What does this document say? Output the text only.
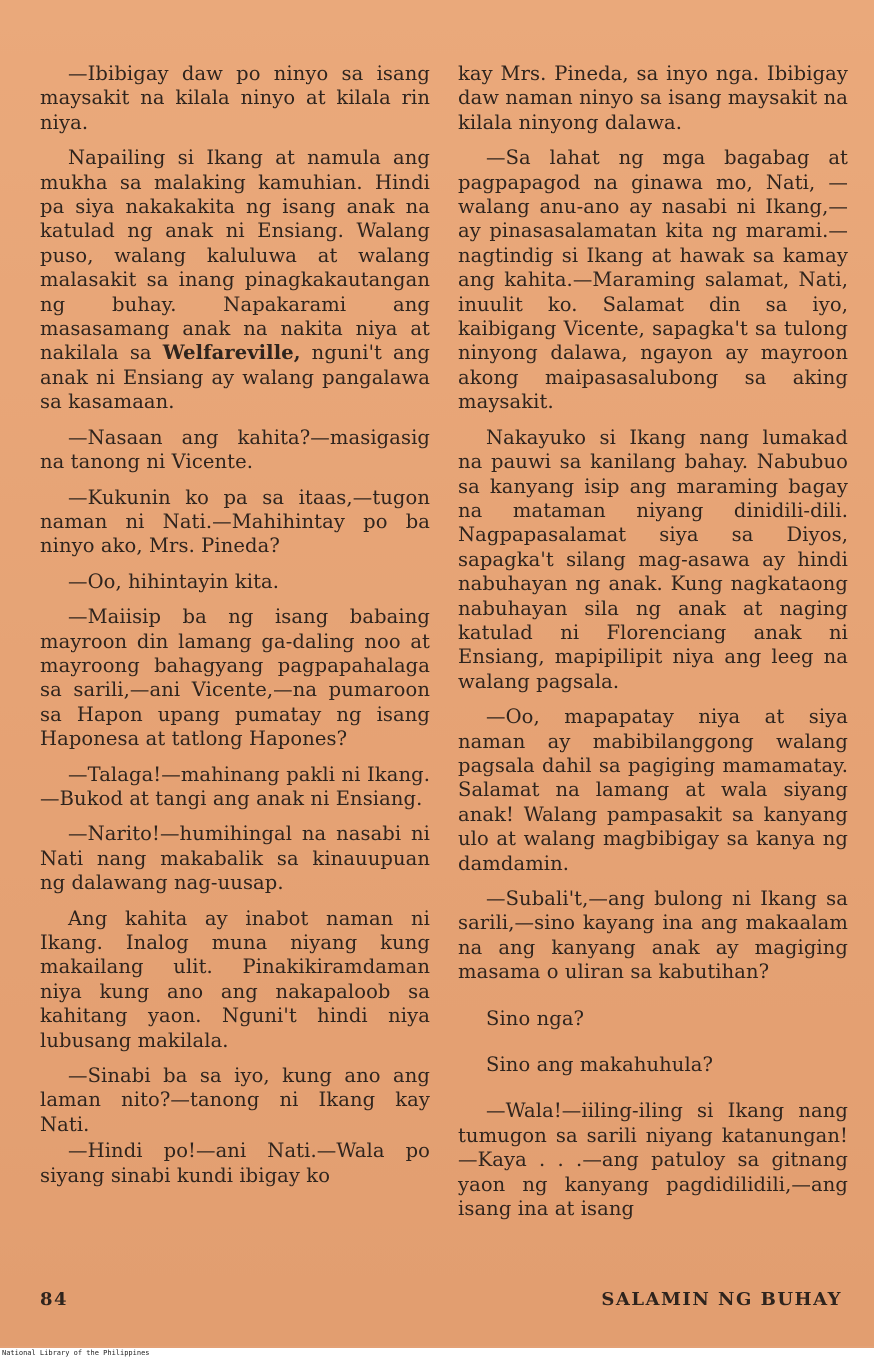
—Ibibigay daw po ninyo sa isang maysakit na kilala ninyo at kilala rin niya.

Napailing si Ikang at namula ang mukha sa malaking kamuhian. Hindi pa siya nakakakita ng isang anak na katulad ng anak ni Ensiang. Walang puso, walang kaluluwa at walang malasakit sa inang pinagkakautangan ng buhay. Napakarami ang masasamang anak na nakita niya at nakilala sa Welfareville, nguni't ang anak ni Ensiang ay walang pangalawa sa kasamaan.

—Nasaan ang kahita?—masigasig na tanong ni Vicente.

—Kukunin ko pa sa itaas,—tugon naman ni Nati.—Mahihintay po ba ninyo ako, Mrs. Pineda?

—Oo, hihintayin kita.

—Maiisip ba ng isang babaing mayroon din lamang ga-daling noo at mayroong bahagyang pagpapahalaga sa sarili,—ani Vicente,—na pumaroon sa Hapon upang pumatay ng isang Haponesa at tatlong Hapones?

—Talaga!—mahinang pakli ni Ikang.—Bukod at tangi ang anak ni Ensiang.

—Narito!—humihingal na nasabi ni Nati nang makabalik sa kinauupuan ng dalawang nag-uusap.

Ang kahita ay inabot naman ni Ikang. Inalog muna niyang kung makailang ulit. Pinakikiramdaman niya kung ano ang nakapaloob sa kahitang yaon. Nguni't hindi niya lubusang makilala.

—Sinabi ba sa iyo, kung ano ang laman nito?—tanong ni Ikang kay Nati.

—Hindi po!—ani Nati.—Wala po siyang sinabi kundi ibigay ko

kay Mrs. Pineda, sa inyo nga. Ibibigay daw naman ninyo sa isang maysakit na kilala ninyong dalawa.

—Sa lahat ng mga bagabag at pagpapagod na ginawa mo, Nati, —walang anu-ano ay nasabi ni Ikang,—ay pinasasalamatan kita ng marami.—nagtindig si Ikang at hawak sa kamay ang kahita.—Maraming salamat, Nati, inuulit ko. Salamat din sa iyo, kaibigang Vicente, sapagka't sa tulong ninyong dalawa, ngayon ay mayroon akong maipasasalubong sa aking maysakit.

Nakayuko si Ikang nang lumakad na pauwi sa kanilang bahay. Nabubuo sa kanyang isip ang maraming bagay na mataman niyang dinidili-dili. Nagpapasalamat siya sa Diyos, sapagka't silang mag-asawa ay hindi nabuhayan ng anak. Kung nagkataong nabuhayan sila ng anak at naging katulad ni Florenciang anak ni Ensiang, mapipilipit niya ang leeg na walang pagsala.

—Oo, mapapatay niya at siya naman ay mabibilanggong walang pagsala dahil sa pagiging mamamatay. Salamat na lamang at wala siyang anak! Walang pampasakit sa kanyang ulo at walang magbibigay sa kanya ng damdamin.

—Subali't,—ang bulong ni Ikang sa sarili,—sino kayang ina ang makaalam na ang kanyang anak ay magiging masama o uliran sa kabutihan?

Sino nga?

Sino ang makahuhula?

—Wala!—iiling-iling si Ikang nang tumugon sa sarili niyang katanungan!—Kaya . . .—ang patuloy sa gitnang yaon ng kanyang pagdidilidili,—ang isang ina at isang

84	SALAMIN NG BUHAY
National Library of the Philippines
